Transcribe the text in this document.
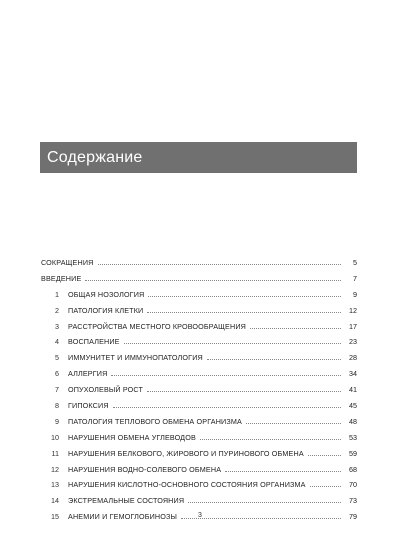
Содержание
СОКРАЩЕНИЯ	5
ВВЕДЕНИЕ	7
1	ОБЩАЯ НОЗОЛОГИЯ	9
2	ПАТОЛОГИЯ КЛЕТКИ	12
3	РАССТРОЙСТВА МЕСТНОГО КРОВООБРАЩЕНИЯ	17
4	ВОСПАЛЕНИЕ	23
5	ИММУНИТЕТ И ИММУНОПАТОЛОГИЯ	28
6	АЛЛЕРГИЯ	34
7	ОПУХОЛЕВЫЙ РОСТ	41
8	ГИПОКСИЯ	45
9	ПАТОЛОГИЯ ТЕПЛОВОГО ОБМЕНА ОРГАНИЗМА	48
10	НАРУШЕНИЯ ОБМЕНА УГЛЕВОДОВ	53
11	НАРУШЕНИЯ БЕЛКОВОГО, ЖИРОВОГО И ПУРИНОВОГО ОБМЕНА	59
12	НАРУШЕНИЯ ВОДНО-СОЛЕВОГО ОБМЕНА	68
13	НАРУШЕНИЯ КИСЛОТНО-ОСНОВНОГО СОСТОЯНИЯ ОРГАНИЗМА	70
14	ЭКСТРЕМАЛЬНЫЕ СОСТОЯНИЯ	73
15	АНЕМИИ И ГЕМОГЛОБИНОЗЫ	79
3
